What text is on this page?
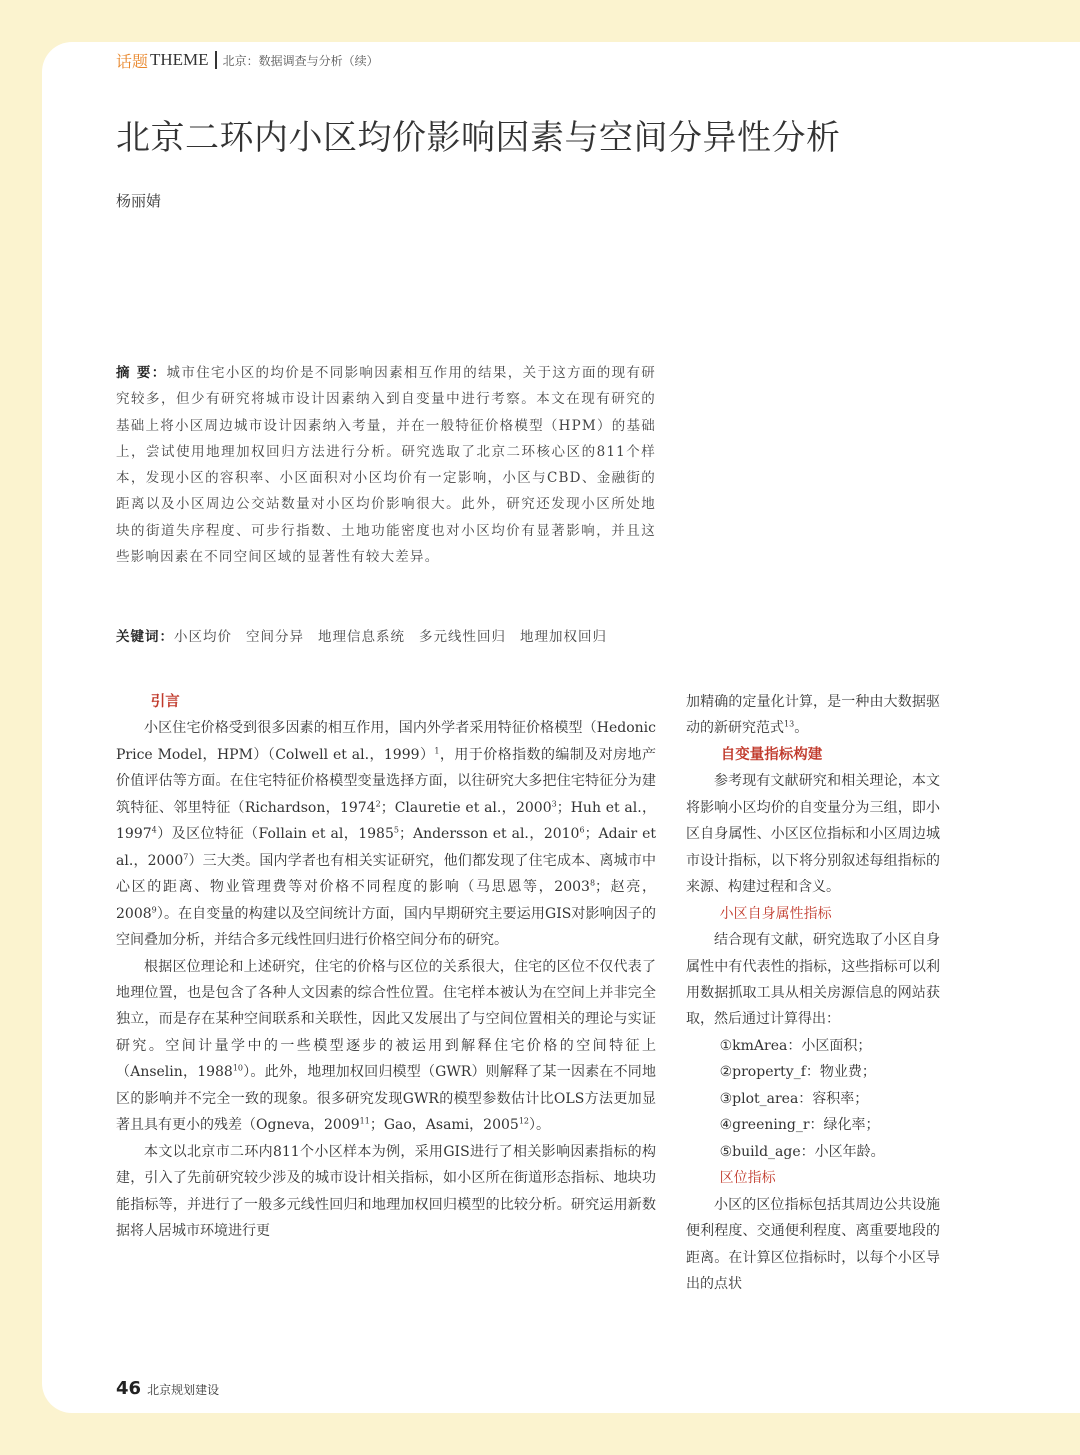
话题 THEME 北京：数据调查与分析（续）
北京二环内小区均价影响因素与空间分异性分析
杨丽婧
摘 要：城市住宅小区的均价是不同影响因素相互作用的结果，关于这方面的现有研究较多，但少有研究将城市设计因素纳入到自变量中进行考察。本文在现有研究的基础上将小区周边城市设计因素纳入考量，并在一般特征价格模型（HPM）的基础上，尝试使用地理加权回归方法进行分析。研究选取了北京二环核心区的811个样本，发现小区的容积率、小区面积对小区均价有一定影响，小区与CBD、金融街的距离以及小区周边公交站数量对小区均价影响很大。此外，研究还发现小区所处地块的街道失序程度、可步行指数、土地功能密度也对小区均价有显著影响，并且这些影响因素在不同空间区域的显著性有较大差异。
关键词：小区均价 空间分异 地理信息系统 多元线性回归 地理加权回归
引言

小区住宅价格受到很多因素的相互作用，国内外学者采用特征价格模型（Hedonic Price Model，HPM）（Colwell et al.，1999）$^1$，用于价格指数的编制及对房地产价值评估等方面。在住宅特征价格模型变量选择方面，以往研究大多把住宅特征分为建筑特征、邻里特征（Richardson，1974$^2$；Clauretie et al.，2000$^3$；Huh et al.，1997$^4$）及区位特征（Follain et al，1985$^5$；Andersson et al.，2010$^6$；Adair et al.，2000$^7$）三大类。国内学者也有相关实证研究，他们都发现了住宅成本、离城市中心区的距离、物业管理费等对价格不同程度的影响（马思恩等，2003$^8$；赵亮，2008$^9$）。在自变量的构建以及空间统计方面，国内早期研究主要运用GIS对影响因子的空间叠加分析，并结合多元线性回归进行价格空间分布的研究。

根据区位理论和上述研究，住宅的价格与区位的关系很大，住宅的区位不仅代表了地理位置，也是包含了各种人文因素的综合性位置。住宅样本被认为在空间上并非完全独立，而是存在某种空间联系和关联性，因此又发展出了与空间位置相关的理论与实证研究。空间计量学中的一些模型逐步的被运用到解释住宅价格的空间特征上（Anselin，1988$^{10}$）。此外，地理加权回归模型（GWR）则解释了某一因素在不同地区的影响并不完全一致的现象。很多研究发现GWR的模型参数估计比OLS方法更加显著且具有更小的残差（Ogneva，2009$^{11}$；Gao，Asami，2005$^{12}$）。

本文以北京市二环内811个小区样本为例，采用GIS进行了相关影响因素指标的构建，引入了先前研究较少涉及的城市设计相关指标，如小区所在街道形态指标、地块功能指标等，并进行了一般多元线性回归和地理加权回归模型的比较分析。研究运用新数据将人居城市环境进行更

加精确的定量化计算，是一种由大数据驱动的新研究范式$^{13}$。

自变量指标构建

参考现有文献研究和相关理论，本文将影响小区均价的自变量分为三组，即小区自身属性、小区区位指标和小区周边城市设计指标，以下将分别叙述每组指标的来源、构建过程和含义。

小区自身属性指标

结合现有文献，研究选取了小区自身属性中有代表性的指标，这些指标可以利用数据抓取工具从相关房源信息的网站获取，然后通过计算得出：

①kmArea：小区面积；
②property_f：物业费；
③plot_area：容积率；
④greening_r：绿化率；
⑤build_age：小区年龄。
区位指标

小区的区位指标包括其周边公共设施便利程度、交通便利程度、离重要地段的距离。在计算区位指标时，以每个小区导出的点状

46 北京规划建设
